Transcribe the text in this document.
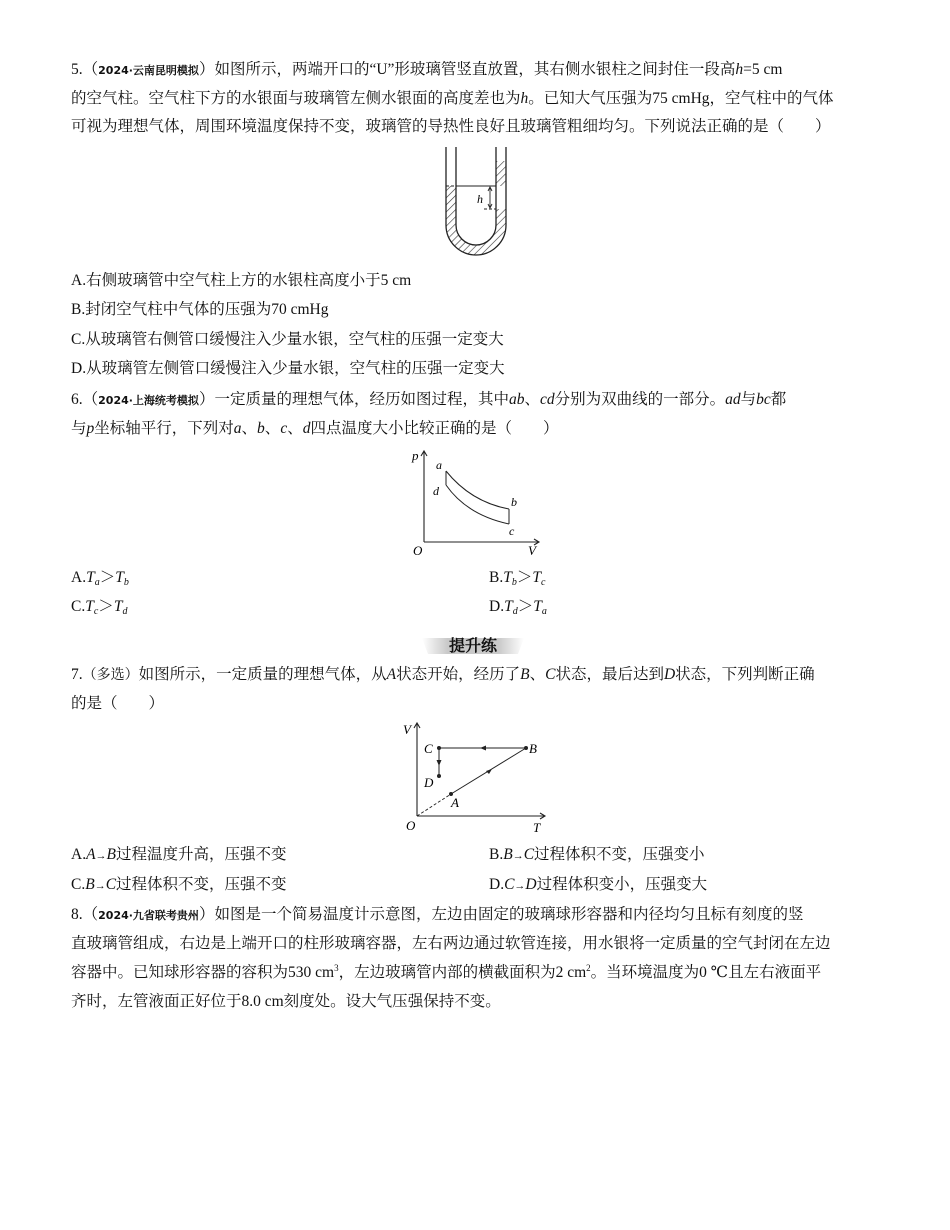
5.（2024·云南昆明模拟）如图所示，两端开口的“U”形玻璃管竖直放置，其右侧水银柱之间封住一段高h=5 cm
的空气柱。空气柱下方的水银面与玻璃管左侧水银面的高度差也为h。已知大气压强为75 cmHg，空气柱中的气体
可视为理想气体，周围环境温度保持不变，玻璃管的导热性良好且玻璃管粗细均匀。下列说法正确的是（　　）
h
A.右侧玻璃管中空气柱上方的水银柱高度小于5 cm
B.封闭空气柱中气体的压强为70 cmHg
C.从玻璃管右侧管口缓慢注入少量水银，空气柱的压强一定变大
D.从玻璃管左侧管口缓慢注入少量水银，空气柱的压强一定变大
6.（2024·上海统考模拟）一定质量的理想气体，经历如图过程，其中ab、cd分别为双曲线的一部分。ad与bc都
与p坐标轴平行，下列对a、b、c、d四点温度大小比较正确的是（　　）
p
V
O
a
d
b
c
$A.T_a>T_b$	$B.T_b>T_c$
$C.T_c>T_d$	$D.T_d>T_a$
提升练
7.（多选）如图所示，一定质量的理想气体，从A状态开始，经历了B、C状态，最后达到D状态，下列判断正确
的是（　　）
V
T
O
A
B
C
D
A.A→B过程温度升高，压强不变	B.B→C过程体积不变，压强变小
C.B→C过程体积不变，压强不变	D.C→D过程体积变小，压强变大
8.（2024·九省联考贵州）如图是一个简易温度计示意图，左边由固定的玻璃球形容器和内径均匀且标有刻度的竖
直玻璃管组成，右边是上端开口的柱形玻璃容器，左右两边通过软管连接，用水银将一定质量的空气封闭在左边
容器中。已知球形容器的容积为530 $cm^3$，左边玻璃管内部的横截面积为2 $cm^2$。当环境温度为0 ℃且左右液面平
齐时，左管液面正好位于8.0 cm刻度处。设大气压强保持不变。
